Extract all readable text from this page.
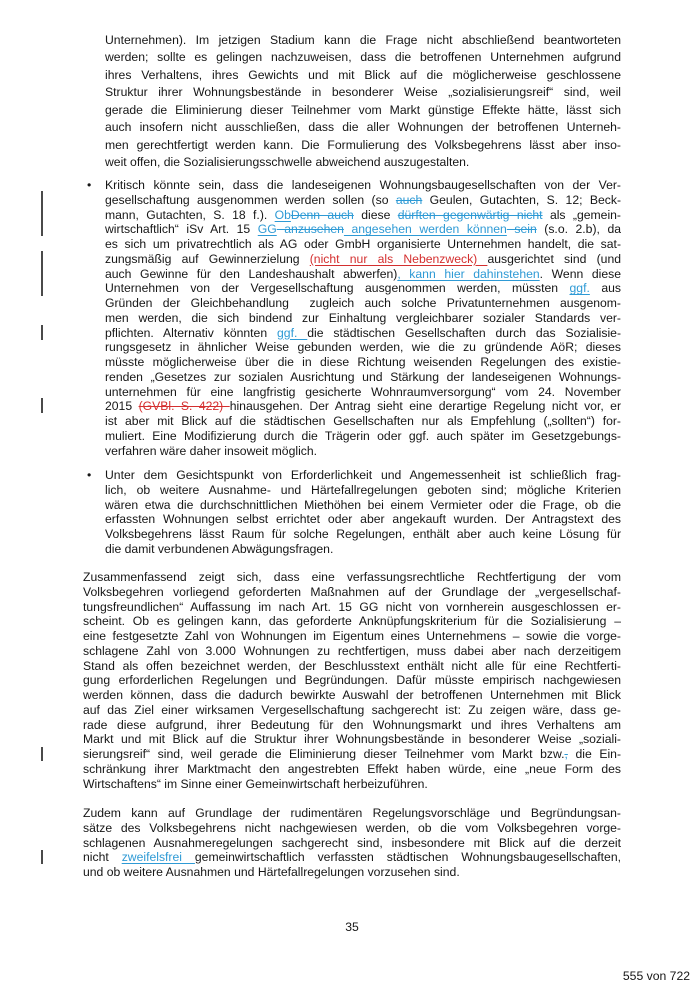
•
•
Unternehmen). Im jetzigen Stadium kann die Frage nicht abschließend beantworteten
werden; sollte es gelingen nachzuweisen, dass die betroffenen Unternehmen aufgrund
ihres Verhaltens, ihres Gewichts und mit Blick auf die möglicherweise geschlossene
Struktur ihrer Wohnungsbestände in besonderer Weise „sozialisierungsreif“ sind, weil
gerade die Eliminierung dieser Teilnehmer vom Markt günstige Effekte hätte, lässt sich
auch insofern nicht ausschließen, dass die aller Wohnungen der betroffenen Unterneh-
men gerechtfertigt werden kann. Die Formulierung des Volksbegehrens lässt aber inso-
weit offen, die Sozialisierungsschwelle abweichend auszugestalten.
Kritisch könnte sein, dass die landeseigenen Wohnungsbaugesellschaften von der Ver-
gesellschaftung ausgenommen werden sollen (so auch Geulen, Gutachten, S. 12; Beck-
mann, Gutachten, S. 18 f.). ObDenn auch diese dürften gegenwärtig nicht als „gemein-
wirtschaftlich“ iSv Art. 15 GG anzusehen angesehen werden können sein (s.o. 2.b), da
es sich um privatrechtlich als AG oder GmbH organisierte Unternehmen handelt, die sat-
zungsmäßig auf Gewinnerzielung (nicht nur als Nebenzweck) ausgerichtet sind (und
auch Gewinne für den Landeshaushalt abwerfen), kann hier dahinstehen. Wenn diese
Unternehmen von der Vergesellschaftung ausgenommen werden, müssten ggf. aus
Gründen der Gleichbehandlung  zugleich auch solche Privatunternehmen ausgenom-
men werden, die sich bindend zur Einhaltung vergleichbarer sozialer Standards ver-
pflichten. Alternativ könnten ggf. die städtischen Gesellschaften durch das Sozialisie-
rungsgesetz in ähnlicher Weise gebunden werden, wie die zu gründende AöR; dieses
müsste möglicherweise über die in diese Richtung weisenden Regelungen des existie-
renden „Gesetzes zur sozialen Ausrichtung und Stärkung der landeseigenen Wohnungs-
unternehmen für eine langfristig gesicherte Wohnraumversorgung“ vom 24. November
2015 (GVBl. S. 422) hinausgehen. Der Antrag sieht eine derartige Regelung nicht vor, er
ist aber mit Blick auf die städtischen Gesellschaften nur als Empfehlung („sollten“) for-
muliert. Eine Modifizierung durch die Trägerin oder ggf. auch später im Gesetzgebungs-
verfahren wäre daher insoweit möglich.
Unter dem Gesichtspunkt von Erforderlichkeit und Angemessenheit ist schließlich frag-
lich, ob weitere Ausnahme- und Härtefallregelungen geboten sind; mögliche Kriterien
wären etwa die durchschnittlichen Miethöhen bei einem Vermieter oder die Frage, ob die
erfassten Wohnungen selbst errichtet oder aber angekauft wurden. Der Antragstext des
Volksbegehrens lässt Raum für solche Regelungen, enthält aber auch keine Lösung für
die damit verbundenen Abwägungsfragen.
Zusammenfassend zeigt sich, dass eine verfassungsrechtliche Rechtfertigung der vom
Volksbegehren vorliegend geforderten Maßnahmen auf der Grundlage der „vergesellschaf-
tungsfreundlichen“ Auffassung im nach Art. 15 GG nicht von vornherein ausgeschlossen er-
scheint. Ob es gelingen kann, das geforderte Anknüpfungskriterium für die Sozialisierung –
eine festgesetzte Zahl von Wohnungen im Eigentum eines Unternehmens – sowie die vorge-
schlagene Zahl von 3.000 Wohnungen zu rechtfertigen, muss dabei aber nach derzeitigem
Stand als offen bezeichnet werden, der Beschlusstext enthält nicht alle für eine Rechtferti-
gung erforderlichen Regelungen und Begründungen. Dafür müsste empirisch nachgewiesen
werden können, dass die dadurch bewirkte Auswahl der betroffenen Unternehmen mit Blick
auf das Ziel einer wirksamen Vergesellschaftung sachgerecht ist: Zu zeigen wäre, dass ge-
rade diese aufgrund, ihrer Bedeutung für den Wohnungsmarkt und ihres Verhaltens am
Markt und mit Blick auf die Struktur ihrer Wohnungsbestände in besonderer Weise „soziali-
sierungsreif“ sind, weil gerade die Eliminierung dieser Teilnehmer vom Markt bzw., die Ein-
schränkung ihrer Marktmacht den angestrebten Effekt haben würde, eine „neue Form des
Wirtschaftens“ im Sinne einer Gemeinwirtschaft herbeizuführen.
Zudem kann auf Grundlage der rudimentären Regelungsvorschläge und Begründungsan-
sätze des Volksbegehrens nicht nachgewiesen werden, ob die vom Volksbegehren vorge-
schlagenen Ausnahmeregelungen sachgerecht sind, insbesondere mit Blick auf die derzeit
nicht zweifelsfrei gemeinwirtschaftlich verfassten städtischen Wohnungsbaugesellschaften,
und ob weitere Ausnahmen und Härtefallregelungen vorzusehen sind.
35
555 von 722
